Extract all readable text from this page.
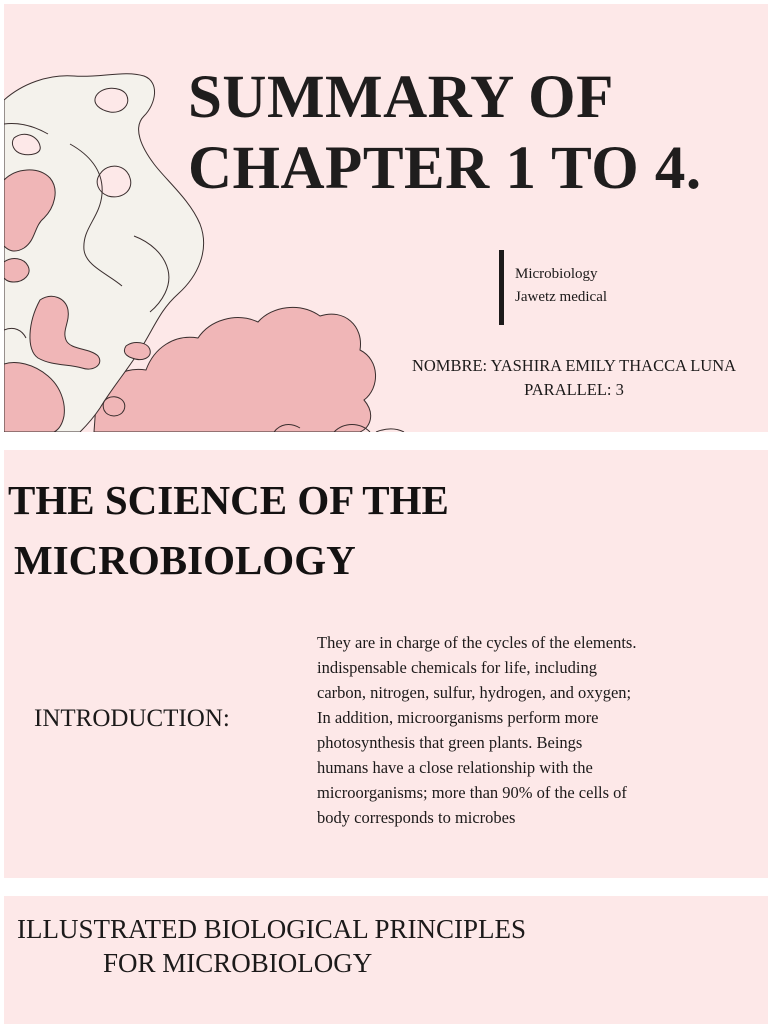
SUMMARY OF
CHAPTER 1 TO 4.
Microbiology
Jawetz medical
NOMBRE: YASHIRA EMILY THACCA LUNA
PARALLEL: 3
THE SCIENCE OF THE
MICROBIOLOGY
INTRODUCTION:
They are in charge of the cycles of the elements.
indispensable chemicals for life, including
carbon, nitrogen, sulfur, hydrogen, and oxygen;
In addition, microorganisms perform more
photosynthesis that green plants. Beings
humans have a close relationship with the
microorganisms; more than 90% of the cells of
body corresponds to microbes
ILLUSTRATED BIOLOGICAL PRINCIPLES
FOR MICROBIOLOGY
